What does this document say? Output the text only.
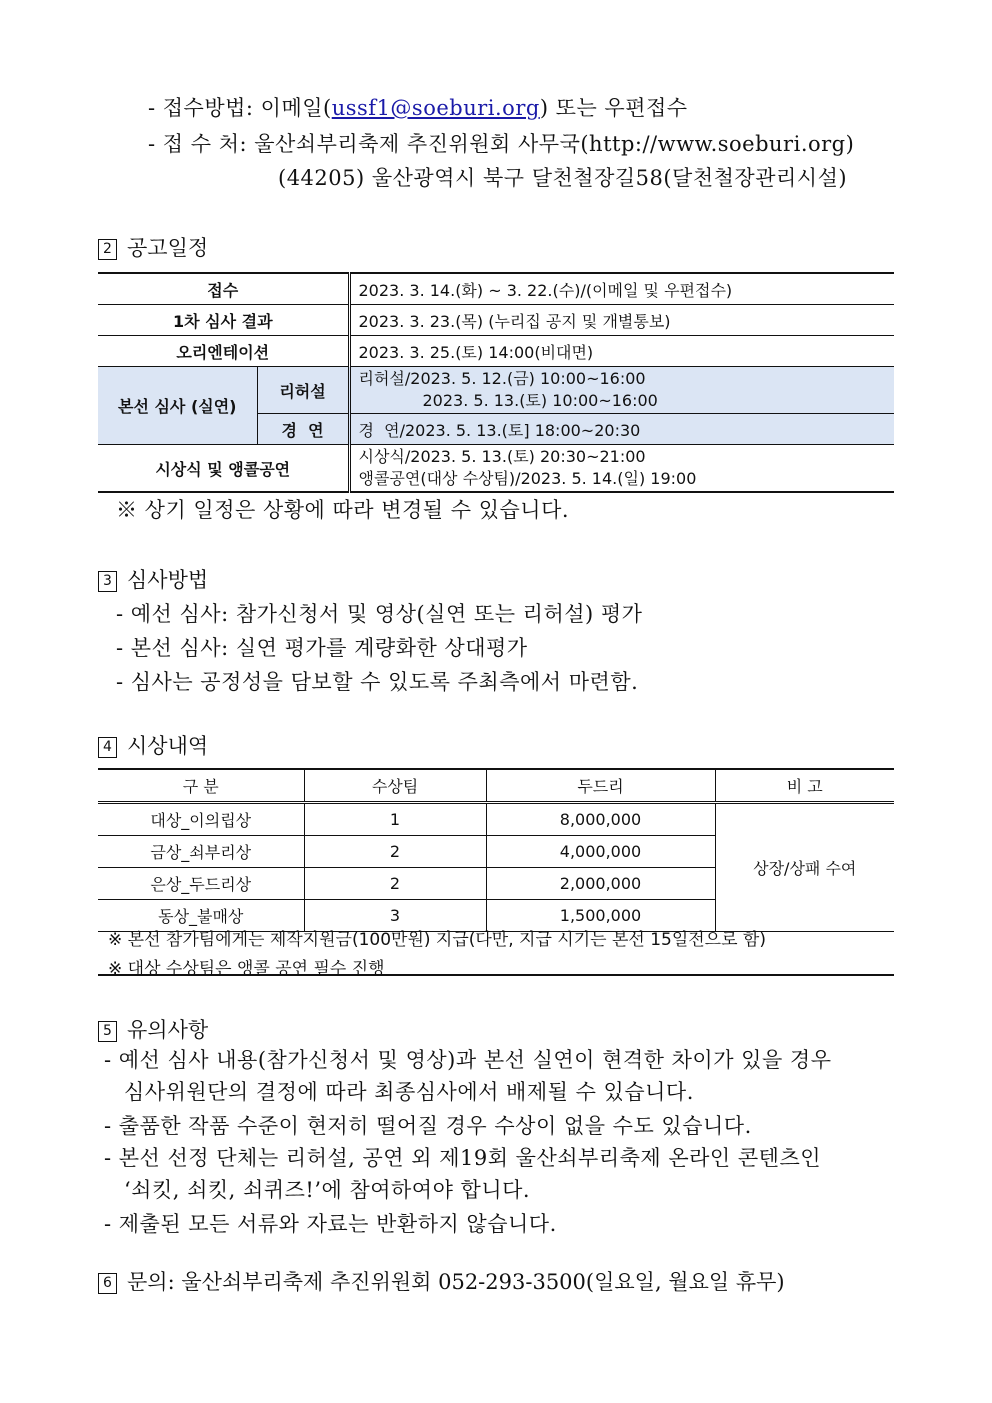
- 접수방법: 이메일(ussf1@soeburi.org) 또는 우편접수
- 접 수 처: 울산쇠부리축제 추진위원회 사무국(http://www.soeburi.org)
(44205) 울산광역시 북구 달천철장길58(달천철장관리시설)
2 공고일정
접수		2023. 3. 14.(화) ~ 3. 22.(수)/(이메일 및 우편접수)
1차 심사 결과		2023. 3. 23.(목) (누리집 공지 및 개별통보)
오리엔테이션		2023. 3. 25.(토) 14:00(비대면)
본선 심사 (실연)	리허설	리허설/2023. 5. 12.(금) 10:00~16:00
2023. 5. 13.(토) 10:00~16:00

	경  연	경  연/2023. 5. 13.(토] 18:00~20:30
시상식 및 앵콜공연		시상식/2023. 5. 13.(토) 20:30~21:00
앵콜공연(대상 수상팀)/2023. 5. 14.(일) 19:00
※ 상기 일정은 상황에 따라 변경될 수 있습니다.
3 심사방법
- 예선 심사: 참가신청서 및 영상(실연 또는 리허설) 평가
- 본선 심사: 실연 평가를 계량화한 상대평가
- 심사는 공정성을 담보할 수 있도록 주최측에서 마련함.
4 시상내역
구 분	수상팀	두드리	비 고
대상_이의립상	1	8,000,000	상장/상패 수여
금상_쇠부리상	2	4,000,000	
은상_두드리상	2	2,000,000	
동상_불매상	3	1,500,000	
※ 본선 참가팀에게는 제작지원금(100만원) 지급(다만, 지급 시기는 본선 15일전으로 함)
※ 대상 수상팀은 앵콜 공연 필수 진행
5 유의사항
- 예선 심사 내용(참가신청서 및 영상)과 본선 실연이 현격한 차이가 있을 경우
심사위원단의 결정에 따라 최종심사에서 배제될 수 있습니다.
- 출품한 작품 수준이 현저히 떨어질 경우 수상이 없을 수도 있습니다.
- 본선 선정 단체는 리허설, 공연 외 제19회 울산쇠부리축제 온라인 콘텐츠인
‘쇠킷, 쇠킷, 쇠퀴즈!’에 참여하여야 합니다.
- 제출된 모든 서류와 자료는 반환하지 않습니다.
6 문의: 울산쇠부리축제 추진위원회 052-293-3500(일요일, 월요일 휴무)
